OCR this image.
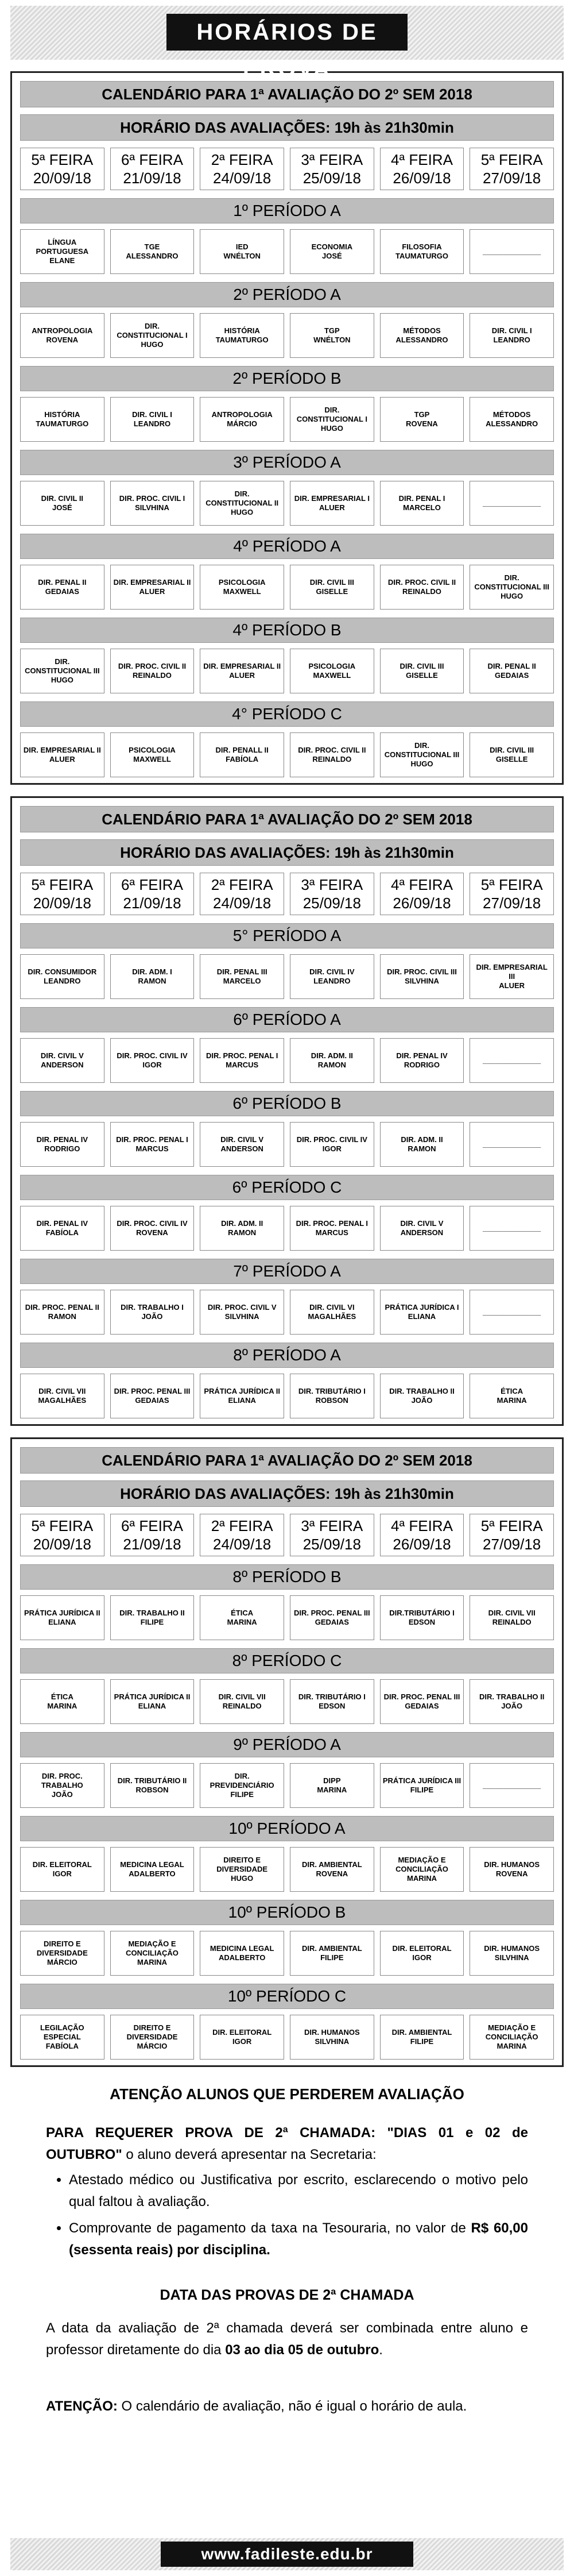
HORÁRIOS DE PROVA
CALENDÁRIO PARA 1ª AVALIAÇÃO DO 2º SEM 2018
HORÁRIO DAS AVALIAÇÕES: 19h às 21h30min
5ª FEIRA
20/09/18
6ª FEIRA
21/09/18
2ª FEIRA
24/09/18
3ª FEIRA
25/09/18
4ª FEIRA
26/09/18
5ª FEIRA
27/09/18
1º PERÍODO A
LÍNGUA PORTUGUESA
ELANE
TGE
ALESSANDRO
IED
WNÉLTON
ECONOMIA
JOSÉ
FILOSOFIA
TAUMATURGO
______________
2º PERÍODO A
ANTROPOLOGIA
ROVENA
DIR. CONSTITUCIONAL I
HUGO
HISTÓRIA
TAUMATURGO
TGP
WNÉLTON
MÉTODOS
ALESSANDRO
DIR. CIVIL I
LEANDRO
2º PERÍODO B
HISTÓRIA
TAUMATURGO
DIR. CIVIL I
LEANDRO
ANTROPOLOGIA
MÁRCIO
DIR. CONSTITUCIONAL I
HUGO
TGP
ROVENA
MÉTODOS
ALESSANDRO
3º PERÍODO A
DIR. CIVIL II
JOSÉ
DIR. PROC. CIVIL I
SILVHINA
DIR. CONSTITUCIONAL II
HUGO
DIR. EMPRESARIAL I
ALUER
DIR. PENAL I
MARCELO
______________
4º PERÍODO A
DIR. PENAL II
GEDAIAS
DIR. EMPRESARIAL II
ALUER
PSICOLOGIA
MAXWELL
DIR. CIVIL III
GISELLE
DIR. PROC. CIVIL II
REINALDO
DIR. CONSTITUCIONAL III
HUGO
4º PERÍODO B
DIR. CONSTITUCIONAL III
HUGO
DIR. PROC. CIVIL II
REINALDO
DIR. EMPRESARIAL II
ALUER
PSICOLOGIA
MAXWELL
DIR. CIVIL III
GISELLE
DIR. PENAL II
GEDAIAS
4° PERÍODO C
DIR. EMPRESARIAL II
ALUER
PSICOLOGIA
MAXWELL
DIR. PENALL II
FABÍOLA
DIR. PROC. CIVIL II
REINALDO
DIR. CONSTITUCIONAL III
HUGO
DIR. CIVIL III
GISELLE
CALENDÁRIO PARA 1ª AVALIAÇÃO DO 2º SEM 2018
HORÁRIO DAS AVALIAÇÕES: 19h às 21h30min
5ª FEIRA
20/09/18
6ª FEIRA
21/09/18
2ª FEIRA
24/09/18
3ª FEIRA
25/09/18
4ª FEIRA
26/09/18
5ª FEIRA
27/09/18
5° PERÍODO A
DIR. CONSUMIDOR
LEANDRO
DIR. ADM. I
RAMON
DIR. PENAL III
MARCELO
DIR. CIVIL IV
LEANDRO
DIR. PROC. CIVIL III
SILVHINA
DIR. EMPRESARIAL III
ALUER
6º PERÍODO A
DIR. CIVIL V
ANDERSON
DIR. PROC. CIVIL IV
IGOR
DIR. PROC. PENAL I
MARCUS
DIR. ADM. II
RAMON
DIR. PENAL IV
RODRIGO
______________
6º PERÍODO B
DIR. PENAL IV
RODRIGO
DIR. PROC. PENAL I
MARCUS
DIR. CIVIL V
ANDERSON
DIR. PROC. CIVIL IV
IGOR
DIR. ADM. II
RAMON
______________
6º PERÍODO C
DIR. PENAL IV
FABÍOLA
DIR. PROC. CIVIL IV
ROVENA
DIR. ADM. II
RAMON
DIR. PROC. PENAL I
MARCUS
DIR. CIVIL V
ANDERSON
______________
7º PERÍODO A
DIR. PROC. PENAL II
RAMON
DIR. TRABALHO I
JOÃO
DIR. PROC. CIVIL V
SILVHINA
DIR. CIVIL VI
MAGALHÃES
PRÁTICA JURÍDICA I
ELIANA
______________
8º PERÍODO A
DIR. CIVIL VII
MAGALHÃES
DIR. PROC. PENAL III
GEDAIAS
PRÁTICA JURÍDICA II
ELIANA
DIR. TRIBUTÁRIO I
ROBSON
DIR. TRABALHO II
JOÃO
ÉTICA
MARINA
CALENDÁRIO PARA 1ª AVALIAÇÃO DO 2º SEM 2018
HORÁRIO DAS AVALIAÇÕES: 19h às 21h30min
5ª FEIRA
20/09/18
6ª FEIRA
21/09/18
2ª FEIRA
24/09/18
3ª FEIRA
25/09/18
4ª FEIRA
26/09/18
5ª FEIRA
27/09/18
8º PERÍODO B
PRÁTICA JURÍDICA II
ELIANA
DIR. TRABALHO II
FILIPE
ÉTICA
MARINA
DIR. PROC. PENAL III
GEDAIAS
DIR.TRIBUTÁRIO I
EDSON
DIR. CIVIL VII
REINALDO
8º PERÍODO C
ÉTICA
MARINA
PRÁTICA JURÍDICA II
ELIANA
DIR. CIVIL VII
REINALDO
DIR. TRIBUTÁRIO I
EDSON
DIR. PROC. PENAL III
GEDAIAS
DIR. TRABALHO II
JOÃO
9º PERÍODO A
DIR. PROC. TRABALHO
JOÃO
DIR. TRIBUTÁRIO II
ROBSON
DIR. PREVIDENCIÁRIO
FILIPE
DIPP
MARINA
PRÁTICA JURÍDICA III
FILIPE
______________
10º PERÍODO A
DIR. ELEITORAL
IGOR
MEDICINA LEGAL
ADALBERTO
DIREITO E DIVERSIDADE
HUGO
DIR. AMBIENTAL
ROVENA
MEDIAÇÃO E CONCILIAÇÃO
MARINA
DIR. HUMANOS
ROVENA
10º PERÍODO B
DIREITO E DIVERSIDADE
MÁRCIO
MEDIAÇÃO E CONCILIAÇÃO
MARINA
MEDICINA LEGAL
ADALBERTO
DIR. AMBIENTAL
FILIPE
DIR. ELEITORAL
IGOR
DIR. HUMANOS
SILVHINA
10º PERÍODO C
LEGILAÇÃO ESPECIAL
FABÍOLA
DIREITO E DIVERSIDADE
MÁRCIO
DIR. ELEITORAL
IGOR
DIR. HUMANOS
SILVHINA
DIR. AMBIENTAL
FILIPE
MEDIAÇÃO E CONCILIAÇÃO
MARINA
ATENÇÃO ALUNOS QUE PERDEREM AVALIAÇÃO

PARA REQUERER PROVA DE 2ª CHAMADA: "DIAS 01 e 02 de OUTUBRO" o aluno deverá apresentar na Secretaria:

• Atestado médico ou Justificativa por escrito, esclarecendo o motivo pelo qual faltou à avaliação.
• Comprovante de pagamento da taxa na Tesouraria, no valor de R$ 60,00 (sessenta reais) por disciplina.
DATA DAS PROVAS DE 2ª CHAMADA

A data da avaliação de 2ª chamada deverá ser combinada entre aluno e professor diretamente do dia 03 ao dia 05 de outubro.

ATENÇÃO: O calendário de avaliação, não é igual o horário de aula.

www.fadileste.edu.br
